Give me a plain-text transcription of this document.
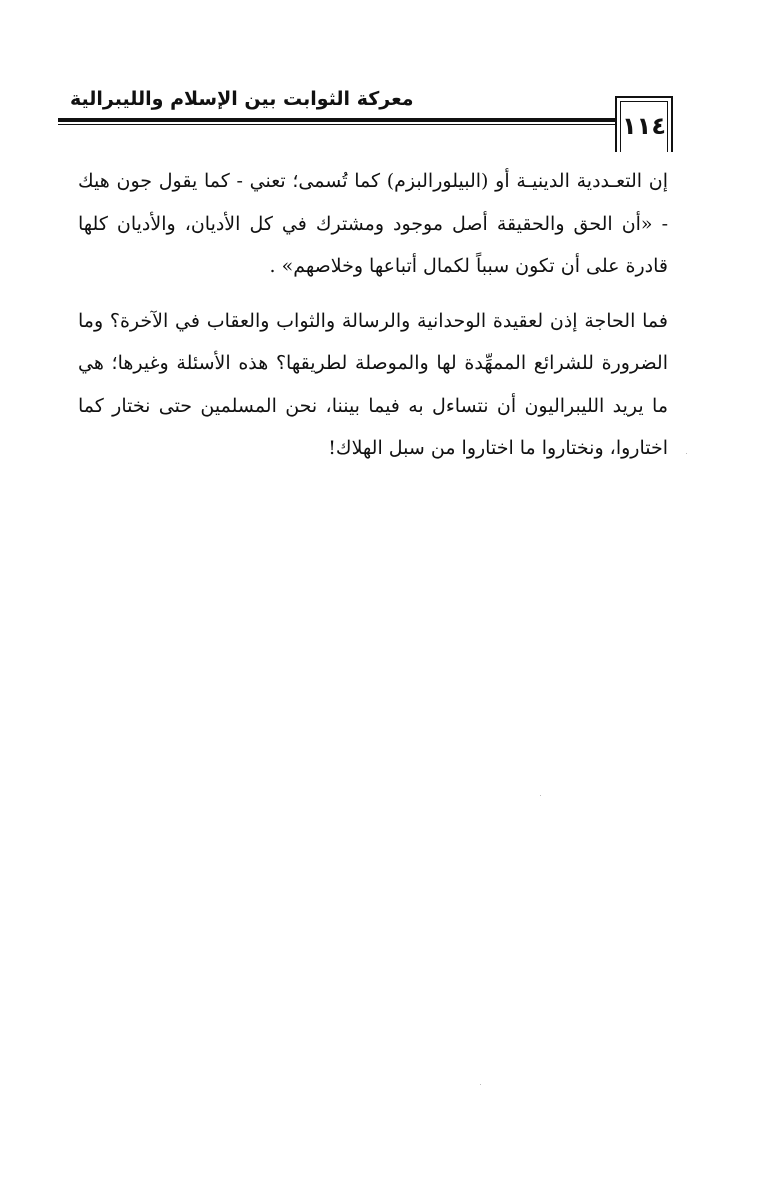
معركة الثوابت بين الإسلام والليبرالية
١١٤

إن التعـددية الدينيـة أو (البيلورالبزم) كما تُسمى؛ تعني - كما يقول جون هيك - «أن الحق والحقيقة أصل موجود ومشترك في كل الأديان، والأديان كلها قادرة على أن تكون سبباً لكمال أتباعها وخلاصهم» .

فما الحاجة إذن لعقيدة الوحدانية والرسالة والثواب والعقاب في الآخرة؟ وما الضرورة للشرائع الممهِّدة لها والموصلة لطريقها؟ هذه الأسئلة وغيرها؛ هي ما يريد الليبراليون أن نتساءل به فيما بيننا، نحن المسلمين حتى نختار كما اختاروا، ونختاروا ما اختاروا من سبل الهلاك!
